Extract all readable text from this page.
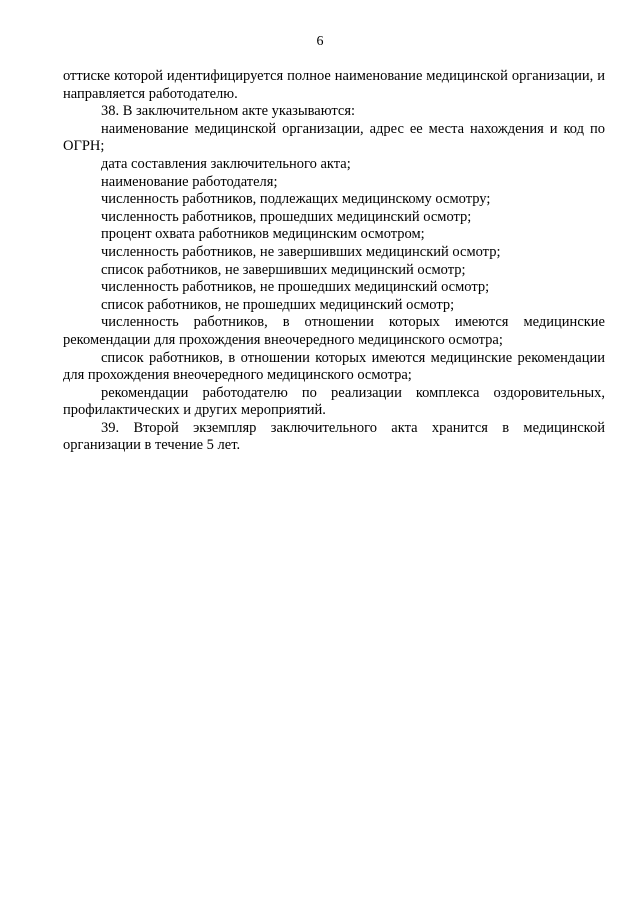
6

оттиске которой идентифицируется полное наименование медицинской организации, и направляется работодателю.

38. В заключительном акте указываются:

наименование медицинской организации, адрес ее места нахождения и код по ОГРН;

дата составления заключительного акта;

наименование работодателя;

численность работников, подлежащих медицинскому осмотру;

численность работников, прошедших медицинский осмотр;

процент охвата работников медицинским осмотром;

численность работников, не завершивших медицинский осмотр;

список работников, не завершивших медицинский осмотр;

численность работников, не прошедших медицинский осмотр;

список работников, не прошедших медицинский осмотр;

численность работников, в отношении которых имеются медицинские рекомендации для прохождения внеочередного медицинского осмотра;

список работников, в отношении которых имеются медицинские рекомендации для прохождения внеочередного медицинского осмотра;

рекомендации работодателю по реализации комплекса оздоровительных, профилактических и других мероприятий.

39. Второй экземпляр заключительного акта хранится в медицинской организации в течение 5 лет.
